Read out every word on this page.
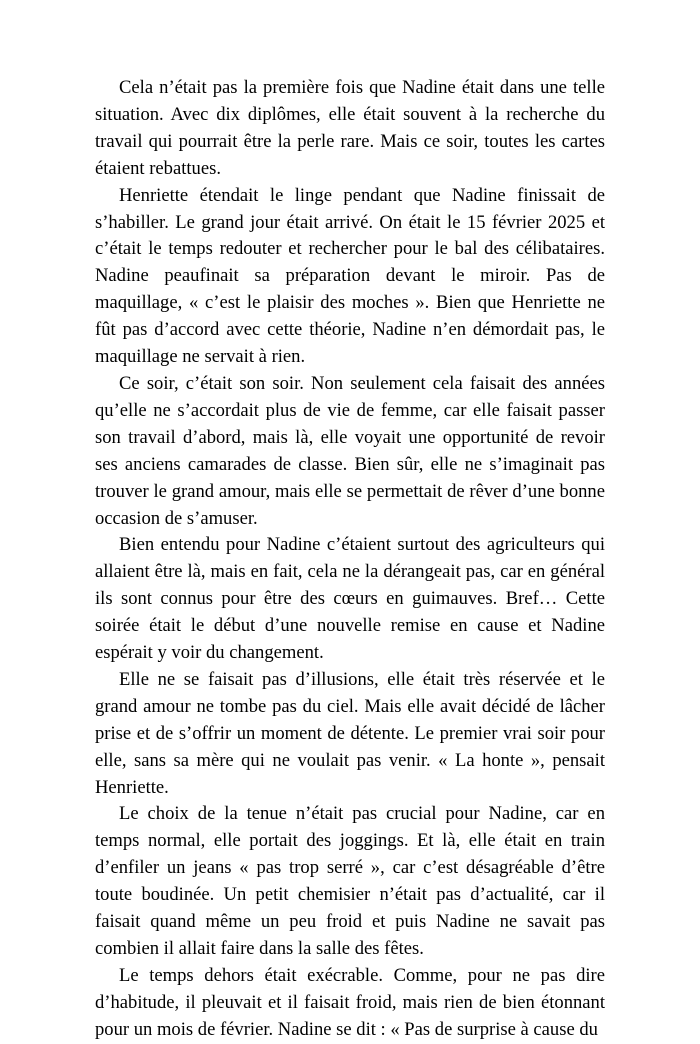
Cela n’était pas la première fois que Nadine était dans une telle situation. Avec dix diplômes, elle était souvent à la recherche du travail qui pourrait être la perle rare. Mais ce soir, toutes les cartes étaient rebattues.

Henriette étendait le linge pendant que Nadine finissait de s’habiller. Le grand jour était arrivé. On était le 15 février 2025 et c’était le temps redouter et rechercher pour le bal des célibataires. Nadine peaufinait sa préparation devant le miroir. Pas de maquillage, « c’est le plaisir des moches ». Bien que Henriette ne fût pas d’accord avec cette théorie, Nadine n’en démordait pas, le maquillage ne servait à rien.

Ce soir, c’était son soir. Non seulement cela faisait des années qu’elle ne s’accordait plus de vie de femme, car elle faisait passer son travail d’abord, mais là, elle voyait une opportunité de revoir ses anciens camarades de classe. Bien sûr, elle ne s’imaginait pas trouver le grand amour, mais elle se permettait de rêver d’une bonne occasion de s’amuser.

Bien entendu pour Nadine c’étaient surtout des agriculteurs qui allaient être là, mais en fait, cela ne la dérangeait pas, car en général ils sont connus pour être des cœurs en guimauves. Bref… Cette soirée était le début d’une nouvelle remise en cause et Nadine espérait y voir du changement.

Elle ne se faisait pas d’illusions, elle était très réservée et le grand amour ne tombe pas du ciel. Mais elle avait décidé de lâcher prise et de s’offrir un moment de détente. Le premier vrai soir pour elle, sans sa mère qui ne voulait pas venir. « La honte », pensait Henriette.

Le choix de la tenue n’était pas crucial pour Nadine, car en temps normal, elle portait des joggings. Et là, elle était en train d’enfiler un jeans « pas trop serré », car c’est désagréable d’être toute boudinée. Un petit chemisier n’était pas d’actualité, car il faisait quand même un peu froid et puis Nadine ne savait pas combien il allait faire dans la salle des fêtes.

Le temps dehors était exécrable. Comme, pour ne pas dire d’habitude, il pleuvait et il faisait froid, mais rien de bien étonnant pour un mois de février. Nadine se dit : « Pas de surprise à cause du
